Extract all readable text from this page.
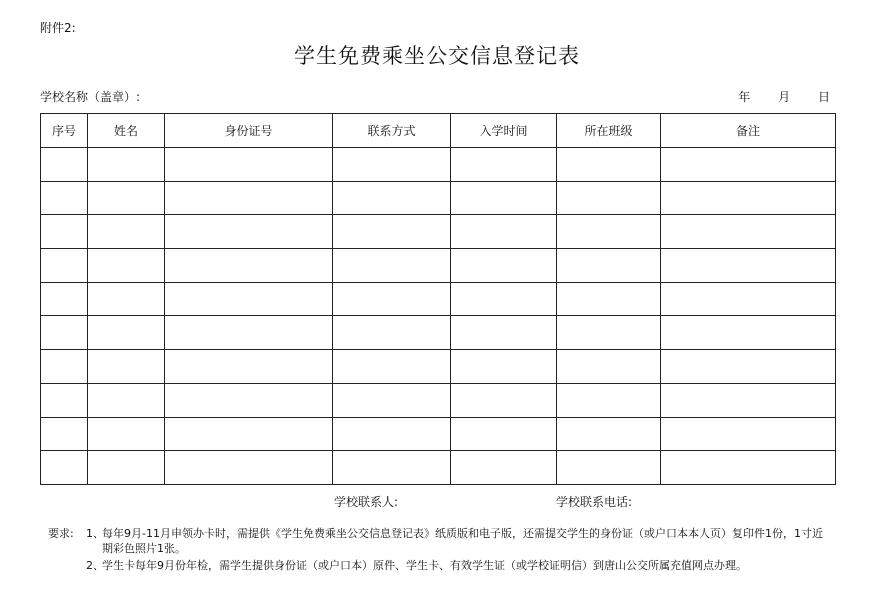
附件2:
学生免费乘坐公交信息登记表
学校名称（盖章）:	年 月 日
序号	姓名	身份证号	联系方式	入学时间	所在班级	备注

学校联系人:	学校联系电话:
要求: 1、
每年9月-11月申领办卡时，需提供《学生免费乘坐公交信息登记表》纸质版和电子版，还需提交学生的身份证（或户口本本人页）复印件1份，1寸近期彩色照片1张。
2、
学生卡每年9月份年检，需学生提供身份证（或户口本）原件、学生卡、有效学生证（或学校证明信）到唐山公交所属充值网点办理。
